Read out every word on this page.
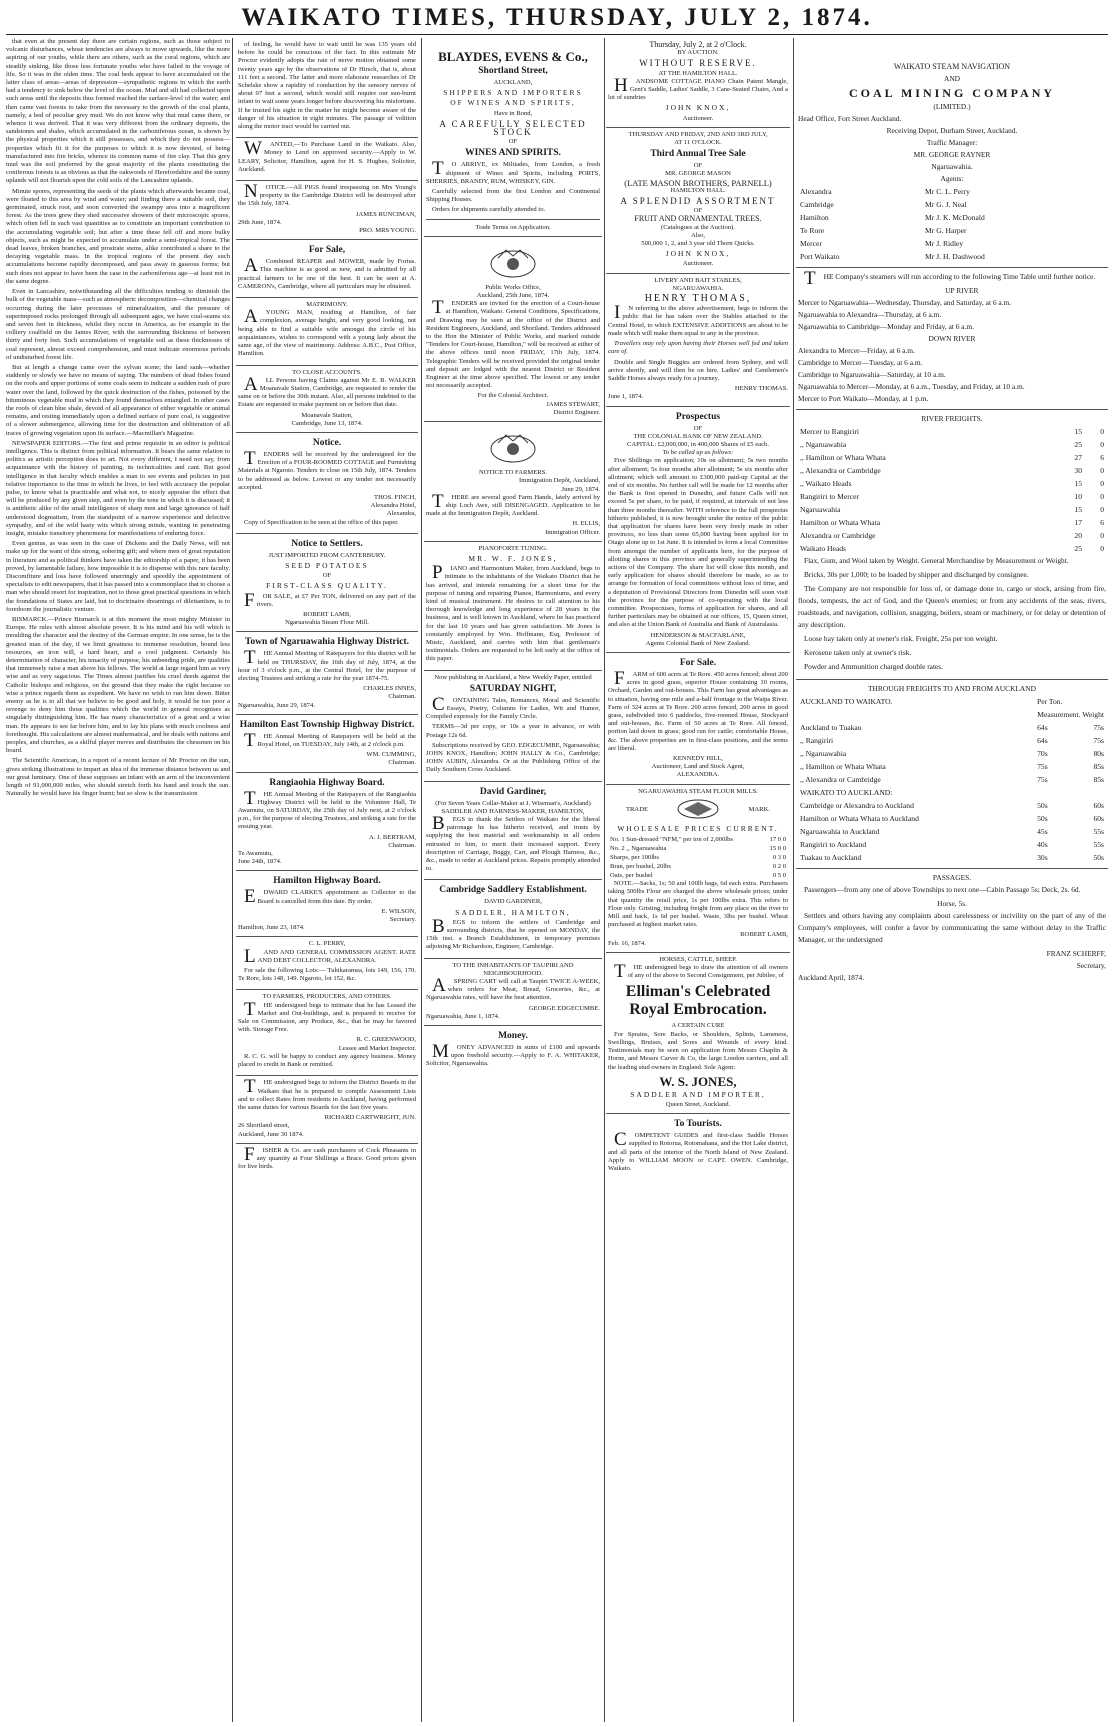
WAIKATO TIMES, THURSDAY, JULY 2, 1874.

that even at the present day there are certain regions, such as those subject to volcanic disturbances, whose tendencies are always to move upwards, like the more aspiring of our youths, while there are others, such as the coral regions, which are steadily sinking, like those less fortunate youths who have failed in the voyage of life. So it was in the olden time. The coal beds appear to have accumulated on the latter class of areas—areas of depression—sympathetic regions in which the earth had a tendency to sink below the level of the ocean. Mud and silt had collected upon such areas until the deposits thus formed reached the surface-level of the water; and then came vast forests to take from the necessary to the growth of the coal plants, namely, a bed of peculiar grey mud. We do not know why that mud came there, or whence it was derived. That it was very different from the ordinary deposits, the sandstones and shales, which accumulated in the carboniferous ocean, is shown by the physical properties which it still possesses, and which they do not possess—properties which fit it for the purposes to which it is now devoted, of being manufactured into fire bricks, whence its common name of fire clay. That this grey mud was the soil preferred by the great majority of the plants constituting the coniferous forests is as obvious as that the oakwoods of Herefordshire and the sunny uplands will not flourish upon the cold soils of the Lancashire uplands.

Minute spores, representing the seeds of the plants which afterwards became coal, were floated to this area by wind and water; and finding there a suitable soil, they germinated, struck root, and soon converted the swampy area into a magnificent forest. As the trees grew they shed successive showers of their microscopic spores, which often fell in such vast quantities as to constitute an important contribution to the accumulating vegetable soil; but after a time these fell off and more bulky objects, such as might be expected to accumulate under a semi-tropical forest. The dead leaves, broken branches, and prostrate stems, alike contributed a share to the decaying vegetable mass. In the tropical regions of the present day such accumulations become rapidly decomposed, and pass away in gaseous forms; but such does not appear to have been the case in the carboniferous age—at least not in the same degree.

Even in Lancashire, notwithstanding all the difficulties tending to diminish the bulk of the vegetable mass—such as atmospheric decomposition—chemical changes occurring during the later processes of mineralization, and the pressure of superimposed rocks prolonged through all subsequent ages, we have coal-seams six and seven feet in thickness, whilst they occur in America, as for example in the colliery coalfield on the James River, with the surrounding thickness of between thirty and forty feet. Such accumulations of vegetable soil as these thicknesses of coal represent, almost exceed comprehension, and must indicate enormous periods of undisturbed forest life.

But at length a change came over the sylvan scene; the land sank—whether suddenly or slowly we have no means of saying. The numbers of dead fishes found on the roofs and upper portions of some coals seem to indicate a sudden rush of pure water over the land, followed by the quick destruction of the fishes, poisoned by the bituminous vegetable mud in which they found themselves entangled. In other cases the roofs of clean blue shale, devoid of all appearance of either vegetable or animal remains, and resting immediately upon a defined surface of pure coal, is suggestive of a slower submergence, allowing time for the destruction and obliteration of all traces of growing vegetation upon its surface.—Macmillan's Magazine.

NEWSPAPER EDITORS.—The first and prime requisite in an editor is political intelligence. This is distinct from political information. It bears the same relation to politics as artistic perception does to art. Not every different, I need not say, from acquaintance with the history of painting, its technicalities and cant. But good intelligence in that faculty which enables a man to see events and policies in just relative importance to the time in which he lives, to feel with accuracy the popular pulse, to know what is practicable and what not, to nicely appraise the effect that will be produced by any given step, and even by the tone in which it is discussed; it is antithetic alike of the small intelligence of sharp men and large ignorance of half understood dogmatism, from the standpoint of a narrow experience and defective sympathy, and of the wild hasty wits which strong minds, wanting in penetrating insight, mistake transitory phenomena for manifestations of enduring force.

Even genius, as was seen in the case of Dickens and the Daily News, will not make up for the want of this strong, sobering gift; and where men of great reputation in literature and as political thinkers have taken the editorship of a paper, it has been proved, by lamentable failure, how impossible it is to dispense with this rare faculty. Discomfiture and loss have followed unerringly and speedily the appointment of specialists to edit newspapers, that it has passed into a commonplace that to choose a man who should resort for inspiration, not to those great practical questions in which the foundations of States are laid, but to doctrinaire dreamings of dilettantism, is to foredoom the journalistic venture.

BISMARCK.—Prince Bismarck is at this moment the most mighty Minister in Europe. He rules with almost absolute power. It is his mind and his will which is moulding the character and the destiny of the German empire. In one sense, he is the greatest man of the day, if we limit greatness to immense resolution, bound less resources, an iron will, a hard heart, and a cool judgment. Certainly his determination of character, his tenacity of purpose, his unbending pride, are qualities that immensely raise a man above his fellows. The world at large regard him as very wise and as very sagacious. The Times almost justifies his cruel deeds against the Catholic bishops and religious, on the ground that they make the right because so wise a prince regards them as expedient. We have no wish to run him down. Bitter enemy as he is to all that we believe to be good and holy, it would be too poor a revenge to deny him those qualities which the world in general recognises as singularly distinguishing him. He has many characteristics of a great and a wise man. He appears to see far before him, and to lay his plans with much coolness and forethought. His calculations are almost mathematical, and he deals with nations and peoples, and churches, as a skilful player moves and distributes the chessmen on his board.

The Scientific American, in a report of a recent lecture of Mr Proctor on the sun, gives striking illustrations to impart an idea of the immense distance between us and our great luminary. One of these supposes an infant with an arm of the inconvenient length of 91,000,000 miles, who should stretch forth his hand and touch the sun. Naturally he would have his finger burnt; but so slow is the transmission

of feeling, he would have to wait until he was 135 years old before he could be conscious of the fact. In this estimate Mr Proctor evidently adopts the rate of nerve motion obtained some twenty years ago by the observations of Dr Hirsch, that is, about 111 feet a second. The latter and more elaborate researches of Dr Schelske show a rapidity of conduction by the sensory nerves of about 97 feet a second, which would still require our sun-burnt infant to wait some years longer before discovering his misfortune. If he trusted his sight in the matter he might become aware of the danger of his situation in eight minutes. The passage of volition along the motor tract would be carried out.

WANTED,—To Purchase Land in the Waikato. Also, Money to Lend on approved security.—Apply to W. LEARY, Solicitor, Hamilton, agent for H. S. Hughes, Solicitor, Auckland.

NOTICE.—All PIGS found trespassing on Mrs Young's property in the Cambridge District will be destroyed after the 15th July, 1874.

JAMES RUNCIMAN,
29th June, 1874.
PRO. MRS YOUNG.
For Sale,

ACombined REAPER and MOWER, made by Fortus. This machine is as good as new, and is admitted by all practical farmers to be one of the best. It can be seen at A. CAMERON's, Cambridge, where all particulars may be obtained.

MATRIMONY.

AYOUNG MAN, residing at Hamilton, of fair complexion, average height, and very good looking, not being able to find a suitable wife amongst the circle of his acquaintances, wishes to correspond with a young lady about the same age, of the view of matrimony. Address: A.B.C., Post Office, Hamilton.

TO CLOSE ACCOUNTS.

ALL Persons having Claims against Mr E. B. WALKER Moanavale Station, Cambridge, are requested to render the same on or before the 30th instant. Also, all persons indebted to the Estate are requested to make payment on or before that date.

Moanavale Station,
Cambridge, June 13, 1874.
Notice.

TENDERS will be received by the undersigned for the Erection of a FOUR-ROOMED COTTAGE and Furnishing Materials at Ngaroto. Tenders to close on 15th July, 1874. Tenders to be addressed as below. Lowest or any tender not necessarily accepted.

THOS. FINCH,
Alexandra Hotel,
Alexandra,

Copy of Specification to be seen at the office of this paper.

Notice to Settlers.
JUST IMPORTED FROM CANTERBURY.
SEED POTATOES
OF
FIRST-CLASS QUALITY.

FOR SALE, at £7 Per TON, delivered on any part of the rivers.

ROBERT LAMB,
Ngaruawahia Steam Flour Mill.
Town of Ngaruawahia Highway District.

THE Annual Meeting of Ratepayers for this district will be held on THURSDAY, the 16th day of July, 1874, at the hour of 3 o'clock p.m., at the Central Hotel, for the purpose of electing Trustees and striking a rate for the year 1874-75.

CHARLES INNES,
Chairman.
Ngaruawahia, June 29, 1874.
Hamilton East Township Highway District.

THE Annual Meeting of Ratepayers will be held at the Royal Hotel, on TUESDAY, July 14th, at 2 o'clock p.m.

WM. CUMMING,
Chairman.
Rangiaohia Highway Board.

THE Annual Meeting of the Ratepayers of the Rangiaohia Highway District will be held in the Volunteer Hall, Te Awamutu, on SATURDAY, the 25th day of July next, at 2 o'clock p.m., for the purpose of electing Trustees, and striking a rate for the ensuing year.

A. J. BERTRAM,
Chairman.
Te Awamutu,
June 24th, 1874.
Hamilton Highway Board.

EDWARD CLARKE'S appointment as Collector to the Board is cancelled from this date. By order.

E. WILSON,
Secretary.
Hamilton, June 23, 1874.
C. L. PERRY,

LAND AND GENERAL COMMISSION AGENT. RATE AND DEBT COLLECTOR, ALEXANDRA.

For sale the following Lots:— Tuhikaramea, lots 149, 156, 170. Te Rore, lots 148, 149. Ngaroto, lot 152, &c.

TO FARMERS, PRODUCERS, AND OTHERS.

THE undersigned begs to intimate that he has Leased the Market and Out-buildings, and is prepared to receive for Sale on Commission, any Produce, &c., that he may be favored with. Storage Free.

R. C. GREENWOOD,
Lessee and Market Inspector.

R. C. G. will be happy to conduct any agency business. Money placed to credit in Bank or remitted.

THE undersigned begs to inform the District Boards in the Waikato that he is prepared to compile Assessment Lists and to collect Rates from residents in Auckland, having performed the same duties for various Boards for the last five years.

RICHARD CARTWRIGHT, JUN.
26 Shortland street,
Auckland, June 30 1874.

FISHER & Co. are cash purchasers of Cock Pheasants in any quantity at Four Shillings a Brace. Good prices given for live birds.

BLAYDES, EVENS & Co.,
Shortland Street,
AUCKLAND,
SHIPPERS AND IMPORTERS
OF WINES AND SPIRITS,
Have in Bond,
A CAREFULLY SELECTED STOCK
OF
WINES AND SPIRITS.

TO ARRIVE, ex Miltiades, from London, a fresh shipment of Wines and Spirits, including PORTS, SHERRIES, BRANDY, RUM, WHISKEY, GIN.

Carefully selected from the first London and Continental Shipping Houses.

Orders for shipments carefully attended to.

Trade Terms on Application.
Public Works Office,
Auckland, 25th June, 1874.

TENDERS are invited for the erection of a Court-house at Hamilton, Waikato. General Conditions, Specifications, and Drawing may be seen at the office of the District and Resident Engineers, Auckland, and Shortland. Tenders addressed to the Hon the Minister of Public Works, and marked outside "Tenders for Court-house, Hamilton," will be received at either of the above offices until noon FRIDAY, 17th July, 1874. Telegraphic Tenders will be received provided the original tender and deposit are lodged with the nearest District or Resident Engineer at the time above specified. The lowest or any tender not necessarily accepted.

For the Colonial Architect.
JAMES STEWART,
District Engineer.
NOTICE TO FARMERS.
Immigration Depôt, Auckland,
June 29, 1874.

THERE are several good Farm Hands, lately arrived by ship Loch Awe, still DISENGAGED. Application to be made at the Immigration Depôt, Auckland.

H. ELLIS,
Immigration Officer.
PIANOFORTE TUNING.
MR. W. F. JONES,

PIANO and Harmonium Maker, from Auckland, begs to intimate to the inhabitants of the Waikato District that he has arrived, and intends remaining for a short time for the purpose of tuning and repairing Pianos, Harmoniums, and every kind of musical instrument. He desires to call attention to his thorough knowledge and long experience of 28 years in the business, and is well known in Auckland, where he has practiced for the last 10 years and has given satisfaction. Mr Jones is constantly employed by Wm. Hoffmann, Esq, Professor of Music, Auckland, and carries with him that gentleman's testimonials. Orders are requested to be left early at the office of this paper.

Now publishing in Auckland, a New Weekly Paper, entitled
SATURDAY NIGHT,

CONTAINING Tales, Romances, Moral and Scientific Essays, Poetry, Columns for Ladies, Wit and Humor, Compiled expressly for the Family Circle.

TERMS—3d per copy, or 10s a year in advance, or with Postage 12s 6d.

Subscriptions received by GEO. EDGECUMBE, Ngaruawahia; JOHN KNOX, Hamilton; JOHN HALLY & Co., Cambridge; JOHN AUBIN, Alexandra. Or at the Publishing Office of the Daily Southern Cross Auckland.

David Gardiner,
(For Seven Years Collar-Maker at J. Wiseman's, Auckland) SADDLER AND HARNESS-MAKER, HAMILTON,

BEGS to thank the Settlers of Waikato for the liberal patronage he has hitherto received, and trusts by supplying the best material and workmanship in all orders entrusted to him, to merit their increased support. Every description of Carriage, Buggy, Cart, and Plough Harness, &c., &c., made to order at Auckland prices. Repairs promptly attended to.

Cambridge Saddlery Establishment.
DAVID GARDINER,
SADDLER, HAMILTON,

BEGS to inform the settlers of Cambridge and surrounding districts, that he opened on MONDAY, the 15th inst. a Branch Establishment, in temporary premises adjoining Mr Richardson, Engineer, Cambridge.

TO THE INHABITANTS OF TAUPIRI AND NEIGHBOURHOOD.

ASPRING CART will call at Taupiri TWICE A-WEEK, when orders for Meat, Bread, Groceries, &c., at Ngaruawahia rates, will have the best attention.

GEORGE EDGECUMBE.
Ngaruawahia, June 1, 1874.
Money.

MONEY ADVANCED in sums of £100 and upwards upon freehold security.—Apply to F. A. WHITAKER, Solicitor, Ngaruawahia.

Thursday, July 2, at 2 o'Clock.
BY AUCTION.
WITHOUT RESERVE.
AT THE HAMILTON HALL.

HANDSOME COTTAGE PIANO Chain Patent Mangle, Gent's Saddle, Ladies' Saddle, 3 Cane-Seated Chairs, And a lot of sundries

JOHN KNOX,
Auctioneer.
THURSDAY AND FRIDAY, 2ND AND 3RD JULY,
AT 11 O'CLOCK.
Third Annual Tree Sale
OF
MR. GEORGE MASON
(LATE MASON BROTHERS, PARNELL)
HAMILTON HALL.
A SPLENDID ASSORTMENT
OF
FRUIT AND ORNAMENTAL TREES.
(Catalogues at the Auction).
Also,
500,000 1, 2, and 3 year old Thorn Quicks.
JOHN KNOX,
Auctioneer.
LIVERY AND BAIT STABLES,
NGARUAWAHIA.
HENRY THOMAS,

IN referring to the above advertisement, begs to inform the public that he has taken over the Stables attached to the Central Hotel, to which EXTENSIVE ADDITIONS are about to be made which will make them equal to any in the province.

Travellers may rely upon having their Horses well fed and taken care of.

Double and Single Buggies are ordered from Sydney, and will arrive shortly, and will then be on hire. Ladies' and Gentlemen's Saddle Horses always ready for a journey.

HENRY THOMAS.
June 1, 1874.
Prospectus
OF
THE COLONIAL BANK OF NEW ZEALAND.
CAPITAL: £2,000,000, in 400,000 Shares of £5 each.
To be called up as follows:

Five Shillings on application; 10s on allotment; 5s two months after allotment; 5s four months after allotment; 5s six months after allotment; which will amount to £300,000 paid-up Capital at the end of six months. No further call will be made for 12 months after the Bank is first opened in Dunedin, and future Calls will not exceed 5s per share, to be paid, if required, at intervals of not less than three months thereafter. WITH reference to the full prospectus hitherto published, it is now brought under the notice of the public that application for shares have been very freely made in other provinces, no less than some 65,000 having been applied for in Otago alone up to 1st June. It is intended to form a local Committee from amongst the number of applicants here, for the purpose of allotting shares in this province and generally superintending the actions of the Company. The share list will close this month, and early application for shares should therefore be made, so as to arrange for formation of local committees without loss of time, and a deputation of Provisional Directors from Dunedin will soon visit the province for the purpose of co-operating with the local committee. Prospectuses, forms of application for shares, and all further particulars may be obtained at our offices, 15, Queen street, and also at the Union Bank of Australia and Bank of Australasia.

HENDERSON & MACFARLANE,
Agents Colonial Bank of New Zealand.
For Sale.

FARM of 600 acres at Te Rore. 450 acres fenced; about 200 acres in good grass, superior House containing 10 rooms, Orchard, Garden and out-houses. This Farm has great advantages as to situation, having one mile and a-half frontage to the Waipa River. Farm of 324 acres at Te Rore. 260 acres fenced, 200 acres in good grass, subdivided into 6 paddocks, five-roomed House, Stockyard and out-houses, &c. Farm of 50 acres at Te Rore. All fenced, portion laid down in grass; good run for cattle; comfortable House, &c. The above properties are in first-class positions, and the terms are liberal.

KENNEDY HILL,
Auctioneer, Land and Stock Agent,
ALEXANDRA.
NGARUAWAHIA STEAM FLOUR MILLS.
TRADE	MARK.
WHOLESALE PRICES CURRENT.
No. 1 Sun-dressed "NFM," per ton of 2,000lbs	17 0 0
No. 2 ,, Ngaruawahia	15 0 0
Sharps, per 100lbs	0 3 0
Bran, per bushel, 20lbs	0 2 0
Oats, per bushel	0 5 0

NOTE.—Sacks, 1s; 50 and 100lb bags, 6d each extra. Purchasers taking 500lbs Flour are charged the above wholesale prices; under that quantity the retail price, 1s per 100lbs extra. This refers to Flour only. Gristing, including freight from any place on the river to Mill and back, 1s 6d per bushel. Waste, 3lbs per bushel. Wheat purchased at highest market rates.

ROBERT LAMB,
Feb. 16, 1874.
HORSES, CATTLE, SHEEP.

THE undersigned begs to draw the attention of all owners of any of the above to Second Consignment, per Jubilee, of

Elliman's Celebrated Royal Embrocation.
A CERTAIN CURE

For Sprains, Sore Backs, or Shoulders, Splints, Lameness, Swellings, Bruises, and Sores and Wounds of every kind. Testimonials may be seen on application from Messrs Chaplin & Horne, and Messrs Carver & Co, the large London carriers, and all the leading stud owners in England. Sole Agent:

W. S. JONES,
SADDLER AND IMPORTER,
Queen Street, Auckland.
To Tourists.

COMPETENT GUIDES and first-class Saddle Horses supplied to Rotorua, Rotomahana, and the Hot Lake district, and all parts of the interior of the North Island of New Zealand. Apply to WILLIAM MOON or CAPT. OWEN. Cambridge, Waikato.

WAIKATO STEAM NAVIGATION
AND
COAL MINING COMPANY
(LIMITED.)
Head Office, Fort Street Auckland.
Receiving Depot, Durham Street, Auckland.
Traffic Manager:
MR. GEORGE RAYNER
Ngaruawahia.
Agents:
Alexandra	Mr C. L. Perry
Cambridge	Mr G. J. Neal
Hamilton	Mr J. K. McDonald
Te Rore	Mr G. Harper
Mercer	Mr J. Ridley
Port Waikato	Mr J. H. Dashwood

THE Company's steamers will run according to the following Time Table until further notice.

UP RIVER
Mercer to Ngaruawahia—Wednesday, Thursday, and Saturday, at 6 a.m.
Ngaruawahia to Alexandra—Thursday, at 6 a.m.
Ngaruawahia to Cambridge—Monday and Friday, at 6 a.m.
DOWN RIVER
Alexandra to Mercer—Friday, at 6 a.m.
Cambridge to Mercer—Tuesday, at 6 a.m.
Cambridge to Ngaruawahia—Saturday, at 10 a.m.
Ngaruawahia to Mercer—Monday, at 6 a.m., Tuesday, and Friday, at 10 a.m.
Mercer to Port Waikato—Monday, at 1 p.m.
RIVER FREIGHTS.
Mercer to Rangiriri	15	0
,, Ngaruawahia	25	0
,, Hamilton or Whata Whata	27	6
,, Alexandra or Cambridge	30	0
,, Waikato Heads	15	0
Rangiriri to Mercer	10	0
Ngaruawahia	15	0
Hamilton or Whata Whata	17	6
Alexandra or Cambridge	20	0
Waikato Heads	25	0

Flax, Gum, and Wool taken by Weight. General Merchandise by Measurement or Weight.

Bricks, 30s per 1,000; to be loaded by shipper and discharged by consignee.

The Company are not responsible for loss of, or damage done to, cargo or stock, arising from fire, floods, tempests, the act of God, and the Queen's enemies; or from any accidents of the seas, rivers, roadsteads, and navigation, collision, snagging, boilers, steam or machinery, or for delay or detention of any description.

Loose hay taken only at owner's risk. Freight, 25s per ton weight.

Kerosene taken only at owner's risk.

Powder and Ammunition charged double rates.

THROUGH FREIGHTS TO AND FROM AUCKLAND
AUCKLAND TO WAIKATO.	Per Ton.	
	Measurement. Weight	
Auckland to Tuakau	64s	75s
,, Rangiriri	64s	75s
,, Ngaruawahia	70s	80s
,, Hamilton or Whata Whata	75s	85s
,, Alexandra or Cambridge	75s	85s
WAIKATO TO AUCKLAND:		
Cambridge or Alexandra to Auckland	50s	60s
Hamilton or Whata Whata to Auckland	50s	60s
Ngaruawahia to Auckland	45s	55s
Rangiriri to Auckland	40s	55s
Tuakau to Auckland	30s	50s
PASSAGES.

Passengers—from any one of above Townships to next one—Cabin Passage 5s; Deck, 2s. 6d.

Horse, 5s.

Settlers and others having any complaints about carelessness or incivility on the part of any of the Company's employees, will confer a favor by communicating the same without delay to the Traffic Manager, or the undersigned

FRANZ SCHERFF,
Secretary,
Auckland April, 1874.
